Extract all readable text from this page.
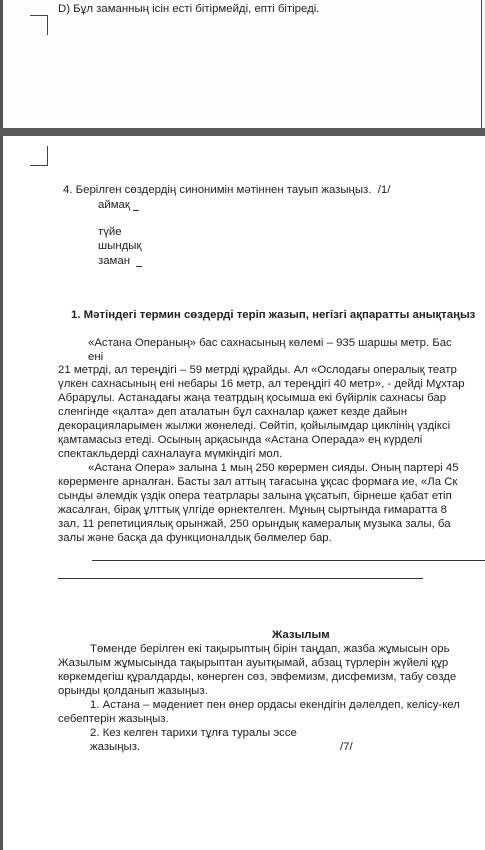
D) Бұл заманның ісін есті бітірмейді, епті бітіреді.
4. Берілген сөздердің синонимін мәтіннен тауып жазыңыз. /1/
аймақ
түйе
шындық
заман
1. Мәтіндегі термин сөздерді теріп жазып, негізгі ақпаратты анықтаңыз
«Астана Операның» бас сахнасының көлемі – 935 шаршы метр. Бас
ені
21 метрді, ал тереңдігі – 59 метрді құрайды. Ал «Ослодағы опералық театр
үлкен сахнасының ені небары 16 метр, ал тереңдігі 40 метр», - дейді Мұхтар
Абрарұлы. Астанадағы жаңа театрдың қосымша екі бүйірлік сахнасы бар
сленгінде «қалта» деп аталатын бұл сахналар қажет кезде дайын
декорацияларымен жылжи жөнеледі. Сөйтіп, қойылымдар циклінің үздіксі
қамтамасыз етеді. Осының арқасында «Астана Операда» ең күрделі
спектакльдерді сахналауға мүмкіндігі мол.
«Астана Опера» залына 1 мың 250 көрермен сияды. Оның партері 45
көрерменге арналған. Басты зал аттың тағасына ұқсас формаға ие, «Ла Ск
сынды әлемдік үздік опера театрлары залына ұқсатып, бірнеше қабат етіп
жасалған, бірақ ұлттық үлгіде өрнектелген. Мұның сыртында ғимаратта 8
зал, 11 репетициялық орынжай, 250 орындық камералық музыка залы, ба
залы және басқа да функционалдық бөлмелер бар.
Жазылым
Төменде берілген екі тақырыптың бірін таңдап, жазба жұмысын орь
Жазылым жұмысында тақырыптан ауытқымай, абзац түрлерін жүйелі құр
көркемдегіш құралдарды, көнерген сөз, эвфемизм, дисфемизм, табу сөзде
орынды қолданып жазыңыз.
1. Астана – мәдениет пен өнер ордасы екендігін дәлелдеп, келісу-кел
себептерін жазыңыз.
2. Кез келген тарихи тұлға туралы эссе
жазыңыз.	/7/
